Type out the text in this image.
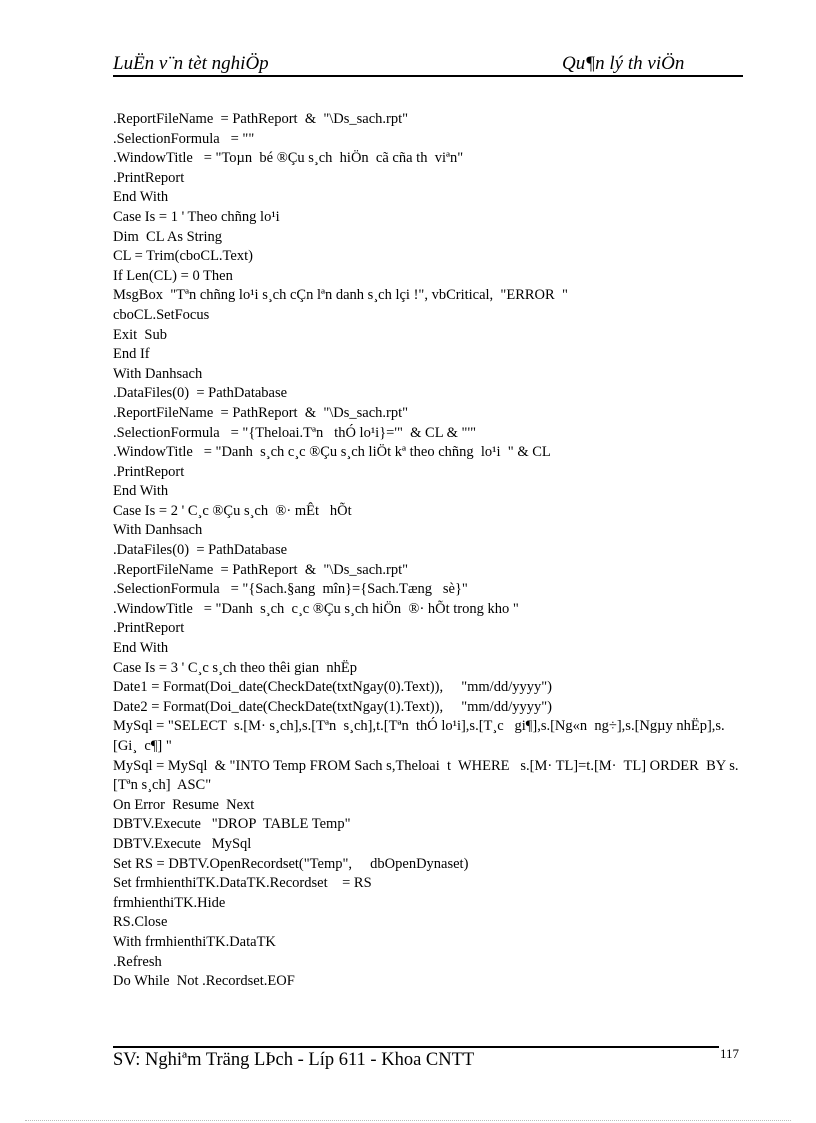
LuËn v¨n tèt nghiÖp	Qu¶n lý th viÖn
.ReportFileName  = PathReport  &  "\Ds_sach.rpt"
.SelectionFormula   = ""
.WindowTitle   = "Toµn  bé ®Çu s¸ch  hiÖn  cã cña th  viªn"
.PrintReport
End With
Case Is = 1 ' Theo chñng lo¹i
Dim  CL As String
CL = Trim(cboCL.Text)
If Len(CL) = 0 Then
MsgBox  "Tªn chñng lo¹i s¸ch cÇn lªn danh s¸ch lçi !", vbCritical,  "ERROR  "
cboCL.SetFocus
Exit  Sub
End If
With Danhsach
.DataFiles(0)  = PathDatabase
.ReportFileName  = PathReport  &  "\Ds_sach.rpt"
.SelectionFormula   = "{Theloai.Tªn   thÓ lo¹i}='"  & CL & "'"
.WindowTitle   = "Danh  s¸ch c¸c ®Çu s¸ch liÖt kª theo chñng  lo¹i  " & CL
.PrintReport
End With
Case Is = 2 ' C¸c ®Çu s¸ch  ®· mÊt   hÕt
With Danhsach
.DataFiles(0)  = PathDatabase
.ReportFileName  = PathReport  &  "\Ds_sach.rpt"
.SelectionFormula   = "{Sach.§ang  mîn}={Sach.Tæng   sè}"
.WindowTitle   = "Danh  s¸ch  c¸c ®Çu s¸ch hiÖn  ®· hÕt trong kho "
.PrintReport
End With
Case Is = 3 ' C¸c s¸ch theo thêi gian  nhËp
Date1 = Format(Doi_date(CheckDate(txtNgay(0).Text)),     "mm/dd/yyyy")
Date2 = Format(Doi_date(CheckDate(txtNgay(1).Text)),     "mm/dd/yyyy")
MySql = "SELECT  s.[M· s¸ch],s.[Tªn  s¸ch],t.[Tªn  thÓ lo¹i],s.[T¸c   gi¶],s.[Ng«n  ng÷],s.[Ngµy nhËp],s.[Gi¸  c¶] "
MySql = MySql  & "INTO Temp FROM Sach s,Theloai  t  WHERE   s.[M· TL]=t.[M·  TL] ORDER  BY s.[Tªn s¸ch]  ASC"
On Error  Resume  Next
DBTV.Execute   "DROP  TABLE Temp"
DBTV.Execute   MySql
Set RS = DBTV.OpenRecordset("Temp",     dbOpenDynaset)
Set frmhienthiTK.DataTK.Recordset    = RS
frmhienthiTK.Hide
RS.Close
With frmhienthiTK.DataTK
.Refresh
Do While  Not .Recordset.EOF
SV: Nghiªm Träng LÞch - Líp 611 - Khoa CNTT	117
